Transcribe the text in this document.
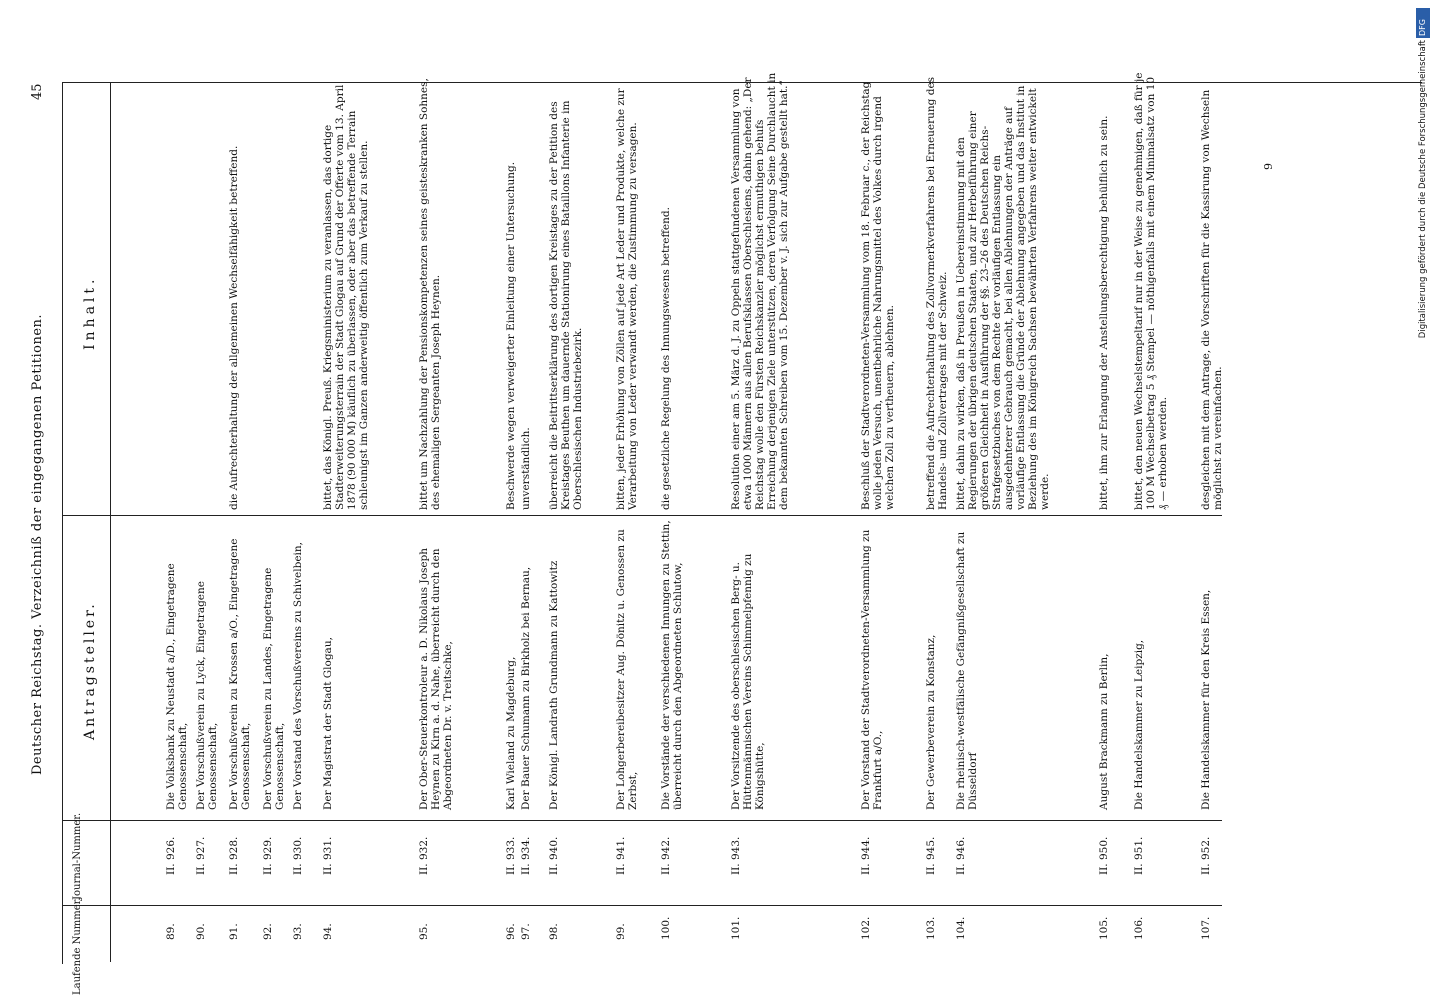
Deutscher Reichstag. Verzeichniß der eingegangenen Petitionen.
45
Laufende Nummer.
Journal-Nummer.
Antragsteller.
Inhalt.
89.
II. 926.
Die Volksbank zu Neustadt a/D., Eingetragene Genossenschaft,
90.
II. 927.
Der Vorschußverein zu Lyck, Eingetragene Genossenschaft,
91.
II. 928.
Der Vorschußverein zu Krossen a/O., Eingetragene Genossenschaft,
die Aufrechterhaltung der allgemeinen Wechselfähigkeit betreffend.
92.
II. 929.
Der Vorschußverein zu Landes, Eingetragene Genossenschaft,
93.
II. 930.
Der Vorstand des Vorschußvereins zu Schivelbein,
94.
II. 931.
Der Magistrat der Stadt Glogau,
bittet, das Königl. Preuß. Kriegsministerium zu veranlassen, das dortige Stadterweiterungsterrain der Stadt Glogau auf Grund der Offerte vom 13. April 1878 (90 000 M) käuflich zu überlassen, oder aber das betreffende Terrain schleunigst im Ganzen anderweitig öffentlich zum Verkauf zu stellen.
95.
II. 932.
Der Ober-Steuerkontroleur a. D. Nikolaus Joseph Heynen zu Kirn a. d. Nahe, überreicht durch den Abgeordneten Dr. v. Treitschke,
bittet um Nachzahlung der Pensionskompetenzen seines geisteskranken Sohnes, des ehemaligen Sergeanten Joseph Heynen.
96.
II. 933.
Karl Wieland zu Magdeburg,
Beschwerde wegen verweigerter Einleitung einer Untersuchung.
97.
II. 934.
Der Bauer Schumann zu Birkholz bei Bernau,
unverständlich.
98.
II. 940.
Der Königl. Landrath Grundmann zu Kattowitz
überreicht die Beitrittserklärung des dortigen Kreistages zu der Petition des Kreistages Beuthen um dauernde Stationirung eines Bataillons Infanterie im Oberschlesischen Industriebezirk.
99.
II. 941.
Der Lohgerbereibesitzer Aug. Dönitz u. Genossen zu Zerbst,
bitten, jeder Erhöhung von Zöllen auf jede Art Leder und Produkte, welche zur Verarbeitung von Leder verwandt werden, die Zustimmung zu versagen.
100.
II. 942.
Die Vorstände der verschiedenen Innungen zu Stettin, überreicht durch den Abgeordneten Schlutow,
die gesetzliche Regelung des Innungswesens betreffend.
101.
II. 943.
Der Vorsitzende des oberschlesischen Berg- u. Hüttenmännischen Vereins Schimmelpfennig zu Königshütte,
Resolution einer am 5. März d. J. zu Oppeln stattgefundenen Versammlung von etwa 1000 Männern aus allen Berufsklassen Oberschlesiens, dahin gehend: „Der Reichstag wolle den Fürsten Reichskanzler möglichst ermuthigen behufs Erreichung derjenigen Ziele unterstützen, deren Verfolgung Seine Durchlaucht in dem bekannten Schreiben vom 15. Dezember v. J. sich zur Aufgabe gestellt hat.“
102.
II. 944.
Der Vorstand der Stadtverordneten-Versammlung zu Frankfurt a/O.,
Beschluß der Stadtverordneten-Versammlung vom 18. Februar c., der Reichstag wolle jeden Versuch, unentbehrliche Nahrungsmittel des Volkes durch irgend welchen Zoll zu vertheuern, ablehnen.
103.
II. 945.
Der Gewerbeverein zu Konstanz,
betreffend die Aufrechterhaltung des Zollvormerkverfahrens bei Erneuerung des Handels- und Zollvertrages mit der Schweiz.
104.
II. 946.
Die rheinisch-westfälische Gefängnißgesellschaft zu Düsseldorf
bittet, dahin zu wirken, daß in Preußen in Uebereinstimmung mit den Regierungen der übrigen deutschen Staaten, und zur Herbeiführung einer größeren Gleichheit in Ausführung der §§. 23–26 des Deutschen Reichs-Strafgesetzbuches von dem Rechte der vorläufigen Entlassung ein ausgedehnterer Gebrauch gemacht, bei allen Ablehnungen der Anträge auf vorläufige Entlassung die Gründe der Ablehnung angegeben und das Institut in Beziehung des im Königreich Sachsen bewährten Verfahrens weiter entwickelt werde.
105.
II. 950.
August Brackmann zu Berlin,
bittet, ihm zur Erlangung der Anstellungsberechtigung behülflich zu sein.
106.
II. 951.
Die Handelskammer zu Leipzig,
bittet, den neuen Wechselstempeltarif nur in der Weise zu genehmigen, daß für je 100 M Wechselbetrag 5 ₰ Stempel — nöthigenfalls mit einem Minimalsatz von 10 ₰ — erhoben werden.
107.
II. 952.
Die Handelskammer für den Kreis Essen,
desgleichen mit dem Antrage, die Vorschriften für die Kassirung von Wechseln möglichst zu vereinfachen.
9
DFG
Digitalisierung gefördert durch die Deutsche Forschungsgemeinschaft
